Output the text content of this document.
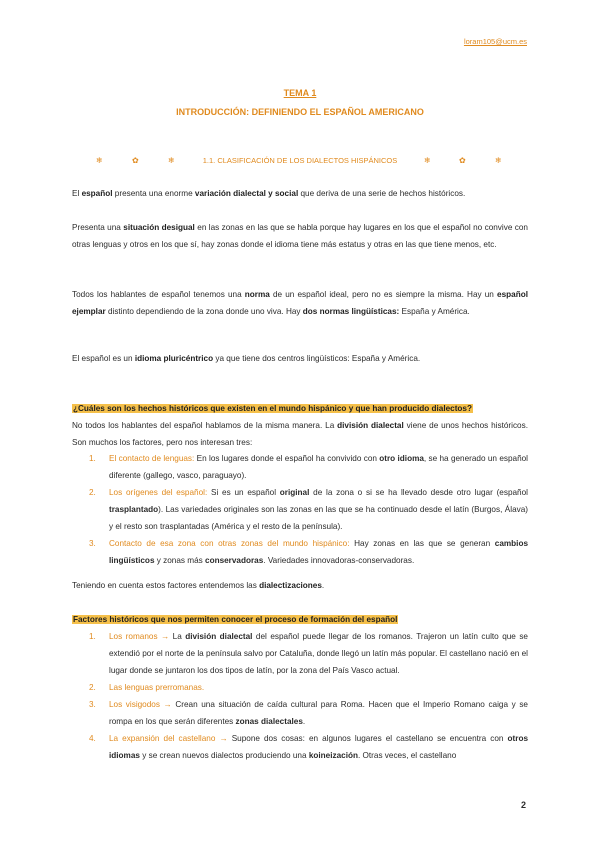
loram105@ucm.es
TEMA 1
INTRODUCCIÓN: DEFINIENDO EL ESPAÑOL AMERICANO
❄	✿	❄	❄	✿	❄
1.1. CLASIFICACIÓN DE LOS DIALECTOS HISPÁNICOS
El español presenta una enorme variación dialectal y social que deriva de una serie de hechos históricos.
Presenta una situación desigual en las zonas en las que se habla porque hay lugares en los que el español no convive con otras lenguas y otros en los que sí, hay zonas donde el idioma tiene más estatus y otras en las que tiene menos, etc.
Todos los hablantes de español tenemos una norma de un español ideal, pero no es siempre la misma. Hay un español ejemplar distinto dependiendo de la zona donde uno viva. Hay dos normas lingüísticas: España y América.
El español es un idioma pluricéntrico ya que tiene dos centros lingüísticos: España y América.
¿Cuáles son los hechos históricos que existen en el mundo hispánico y que han producido dialectos?
No todos los hablantes del español hablamos de la misma manera. La división dialectal viene de unos hechos históricos. Son muchos los factores, pero nos interesan tres:
1. El contacto de lenguas: En los lugares donde el español ha convivido con otro idioma, se ha generado un español diferente (gallego, vasco, paraguayo).
2. Los orígenes del español: Si es un español original de la zona o si se ha llevado desde otro lugar (español trasplantado). Las variedades originales son las zonas en las que se ha continuado desde el latín (Burgos, Álava) y el resto son trasplantadas (América y el resto de la península).
3. Contacto de esa zona con otras zonas del mundo hispánico: Hay zonas en las que se generan cambios lingüísticos y zonas más conservadoras. Variedades innovadoras-conservadoras.
Teniendo en cuenta estos factores entendemos las dialectizaciones.
Factores históricos que nos permiten conocer el proceso de formación del español
1. Los romanos → La división dialectal del español puede llegar de los romanos. Trajeron un latín culto que se extendió por el norte de la península salvo por Cataluña, donde llegó un latín más popular. El castellano nació en el lugar donde se juntaron los dos tipos de latín, por la zona del País Vasco actual.
2. Las lenguas prerromanas.
3. Los visigodos → Crean una situación de caída cultural para Roma. Hacen que el Imperio Romano caiga y se rompa en los que serán diferentes zonas dialectales.
4. La expansión del castellano → Supone dos cosas: en algunos lugares el castellano se encuentra con otros idiomas y se crean nuevos dialectos produciendo una koineización. Otras veces, el castellano
2
